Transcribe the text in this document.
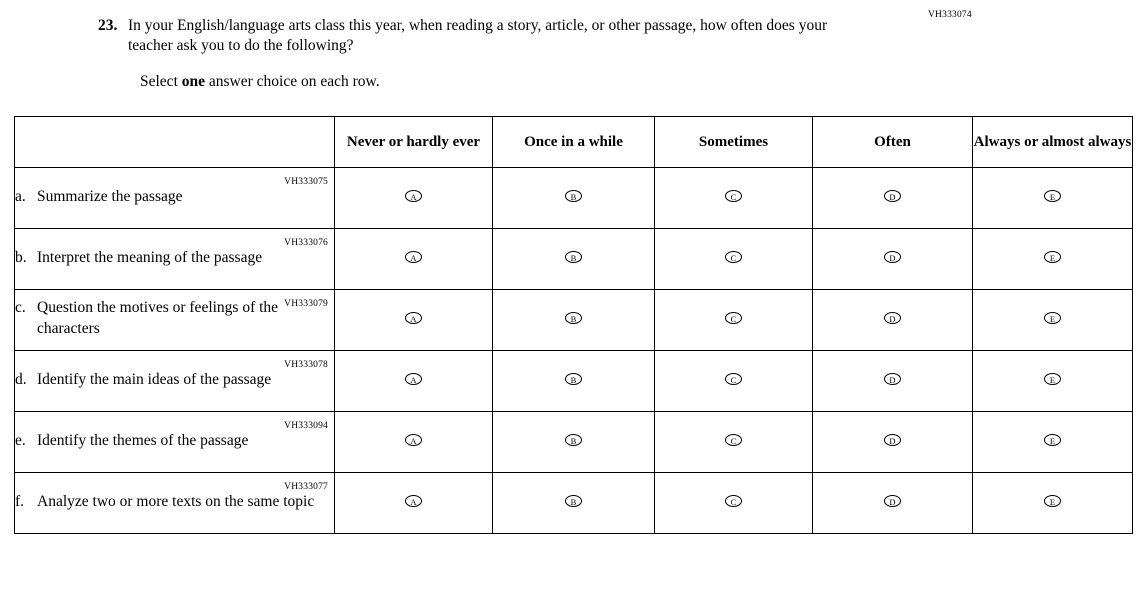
VH333074
23. In your English/language arts class this year, when reading a story, article, or other passage, how often does your teacher ask you to do the following?
Select one answer choice on each row.
	Never or hardly ever	Once in a while	Sometimes	Often	Always or almost always

VH333075
a. Summarize the passage	A	B	C	D	E

VH333076
b. Interpret the meaning of the passage	A	B	C	D	E

VH333079
c. Question the motives or feelings of the characters	A	B	C	D	E

VH333078
d. Identify the main ideas of the passage	A	B	C	D	E

VH333094
e. Identify the themes of the passage	A	B	C	D	E

VH333077
f. Analyze two or more texts on the same topic	A	B	C	D	E
